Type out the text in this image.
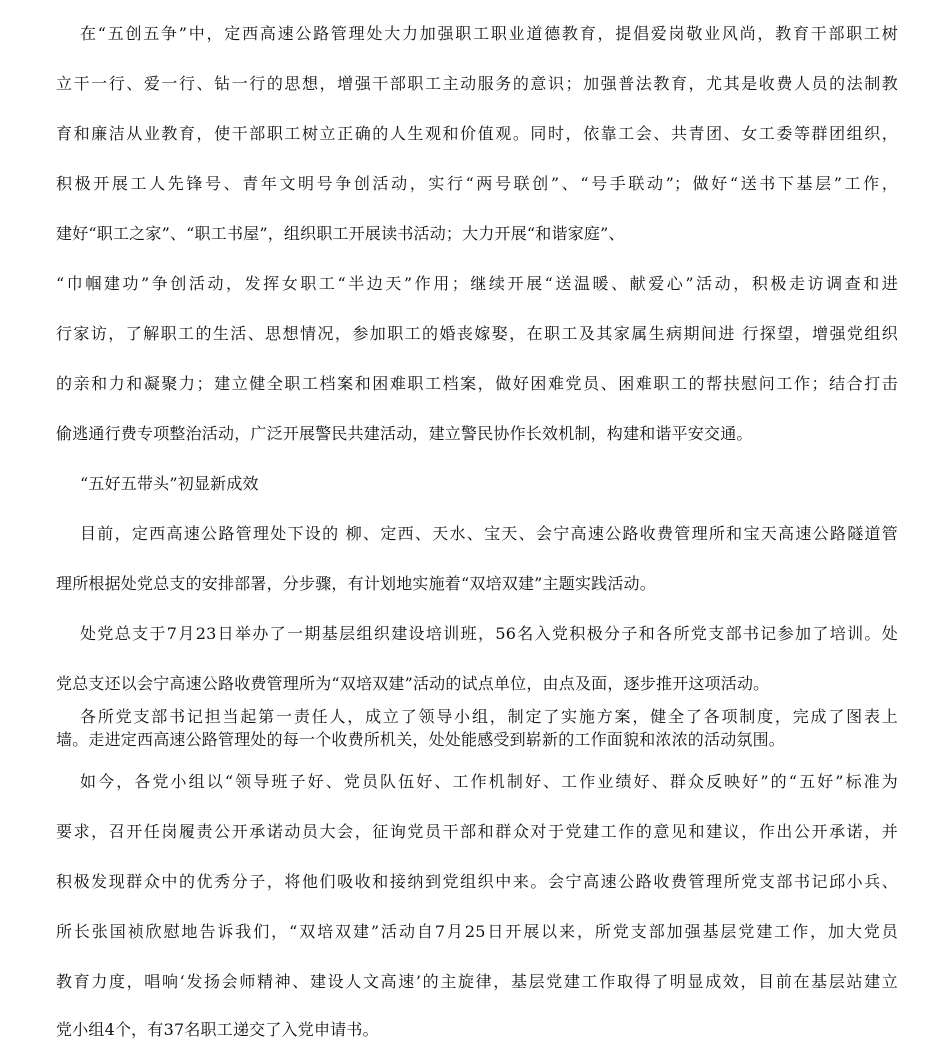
在“五创五争”中，定西高速公路管理处大力加强职工职业道德教育，提倡爱岗敬业风尚，教育干部职工树
立干一行、爱一行、钻一行的思想，增强干部职工主动服务的意识；加强普法教育，尤其是收费人员的法制教
育和廉洁从业教育，使干部职工树立正确的人生观和价值观。同时，依靠工会、共青团、女工委等群团组织，
积极开展工人先锋号、青年文明号争创活动，实行“两号联创”、“号手联动”；做好“送书下基层”工作，
建好“职工之家”、“职工书屋”，组织职工开展读书活动；大力开展“和谐家庭”、
“巾帼建功”争创活动，发挥女职工“半边天”作用；继续开展“送温暖、献爱心”活动，积极走访调查和进
行家访，了解职工的生活、思想情况，参加职工的婚丧嫁娶，在职工及其家属生病期间进 行探望，增强党组织
的亲和力和凝聚力；建立健全职工档案和困难职工档案，做好困难党员、困难职工的帮扶慰问工作；结合打击
偷逃通行费专项整治活动，广泛开展警民共建活动，建立警民协作长效机制，构建和谐平安交通。
“五好五带头”初显新成效
目前，定西高速公路管理处下设的 柳、定西、天水、宝天、会宁高速公路收费管理所和宝天高速公路隧道管
理所根据处党总支的安排部署，分步骤，有计划地实施着“双培双建”主题实践活动。
处党总支于7月23日举办了一期基层组织建设培训班，56名入党积极分子和各所党支部书记参加了培训。处
党总支还以会宁高速公路收费管理所为“双培双建”活动的试点单位，由点及面，逐步推开这项活动。
各所党支部书记担当起第一责任人，成立了领导小组，制定了实施方案，健全了各项制度，完成了图表上
墙。走进定西高速公路管理处的每一个收费所机关，处处能感受到崭新的工作面貌和浓浓的活动氛围。
如今，各党小组以“领导班子好、党员队伍好、工作机制好、工作业绩好、群众反映好”的“五好”标准为
要求，召开任岗履责公开承诺动员大会，征询党员干部和群众对于党建工作的意见和建议，作出公开承诺，并
积极发现群众中的优秀分子，将他们吸收和接纳到党组织中来。会宁高速公路收费管理所党支部书记邱小兵、
所长张国祯欣慰地告诉我们，“双培双建”活动自7月25日开展以来，所党支部加强基层党建工作，加大党员
教育力度，唱响‘发扬会师精神、建设人文高速’的主旋律，基层党建工作取得了明显成效，目前在基层站建立
党小组4个，有37名职工递交了入党申请书。
